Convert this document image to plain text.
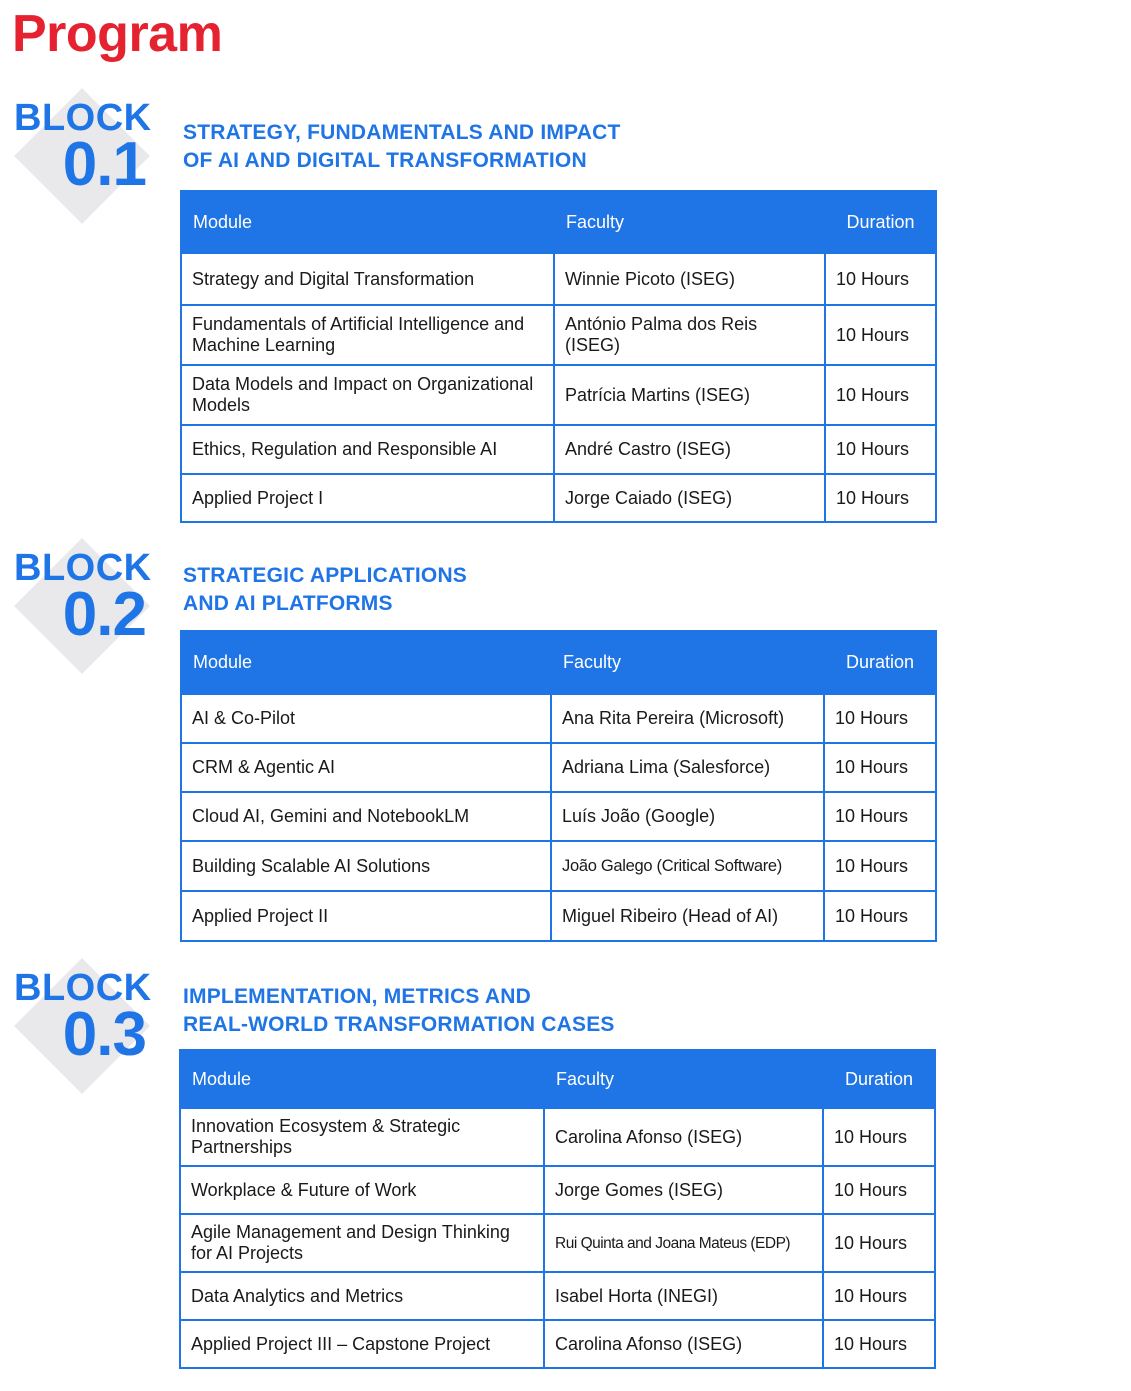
Program
BLOCK
0.1 STRATEGY, FUNDAMENTALS AND IMPACT
OF AI AND DIGITAL TRANSFORMATION
Module	Faculty	Duration
Strategy and Digital Transformation	Winnie Picoto (ISEG)	10 Hours
Fundamentals of Artificial Intelligence and Machine Learning	António Palma dos Reis (ISEG)	10 Hours
Data Models and Impact on Organizational Models	Patrícia Martins (ISEG)	10 Hours
Ethics, Regulation and Responsible AI	André Castro (ISEG)	10 Hours
Applied Project I	Jorge Caiado (ISEG)	10 Hours
BLOCK
0.2
STRATEGIC APPLICATIONS
AND AI PLATFORMS
Module	Faculty	Duration
AI & Co-Pilot	Ana Rita Pereira (Microsoft)	10 Hours
CRM & Agentic AI	Adriana Lima (Salesforce)	10 Hours
Cloud AI, Gemini and NotebookLM	Luís João (Google)	10 Hours
Building Scalable AI Solutions	João Galego (Critical Software)	10 Hours
Applied Project II	Miguel Ribeiro (Head of AI)	10 Hours
BLOCK
0.3
IMPLEMENTATION, METRICS AND
REAL-WORLD TRANSFORMATION CASES
Module	Faculty	Duration
Innovation Ecosystem & Strategic Partnerships	Carolina Afonso (ISEG)	10 Hours
Workplace & Future of Work	Jorge Gomes (ISEG)	10 Hours
Agile Management and Design Thinking for AI Projects	Rui Quinta and Joana Mateus (EDP)	10 Hours
Data Analytics and Metrics	Isabel Horta (INEGI)	10 Hours
Applied Project III – Capstone Project	Carolina Afonso (ISEG)	10 Hours
